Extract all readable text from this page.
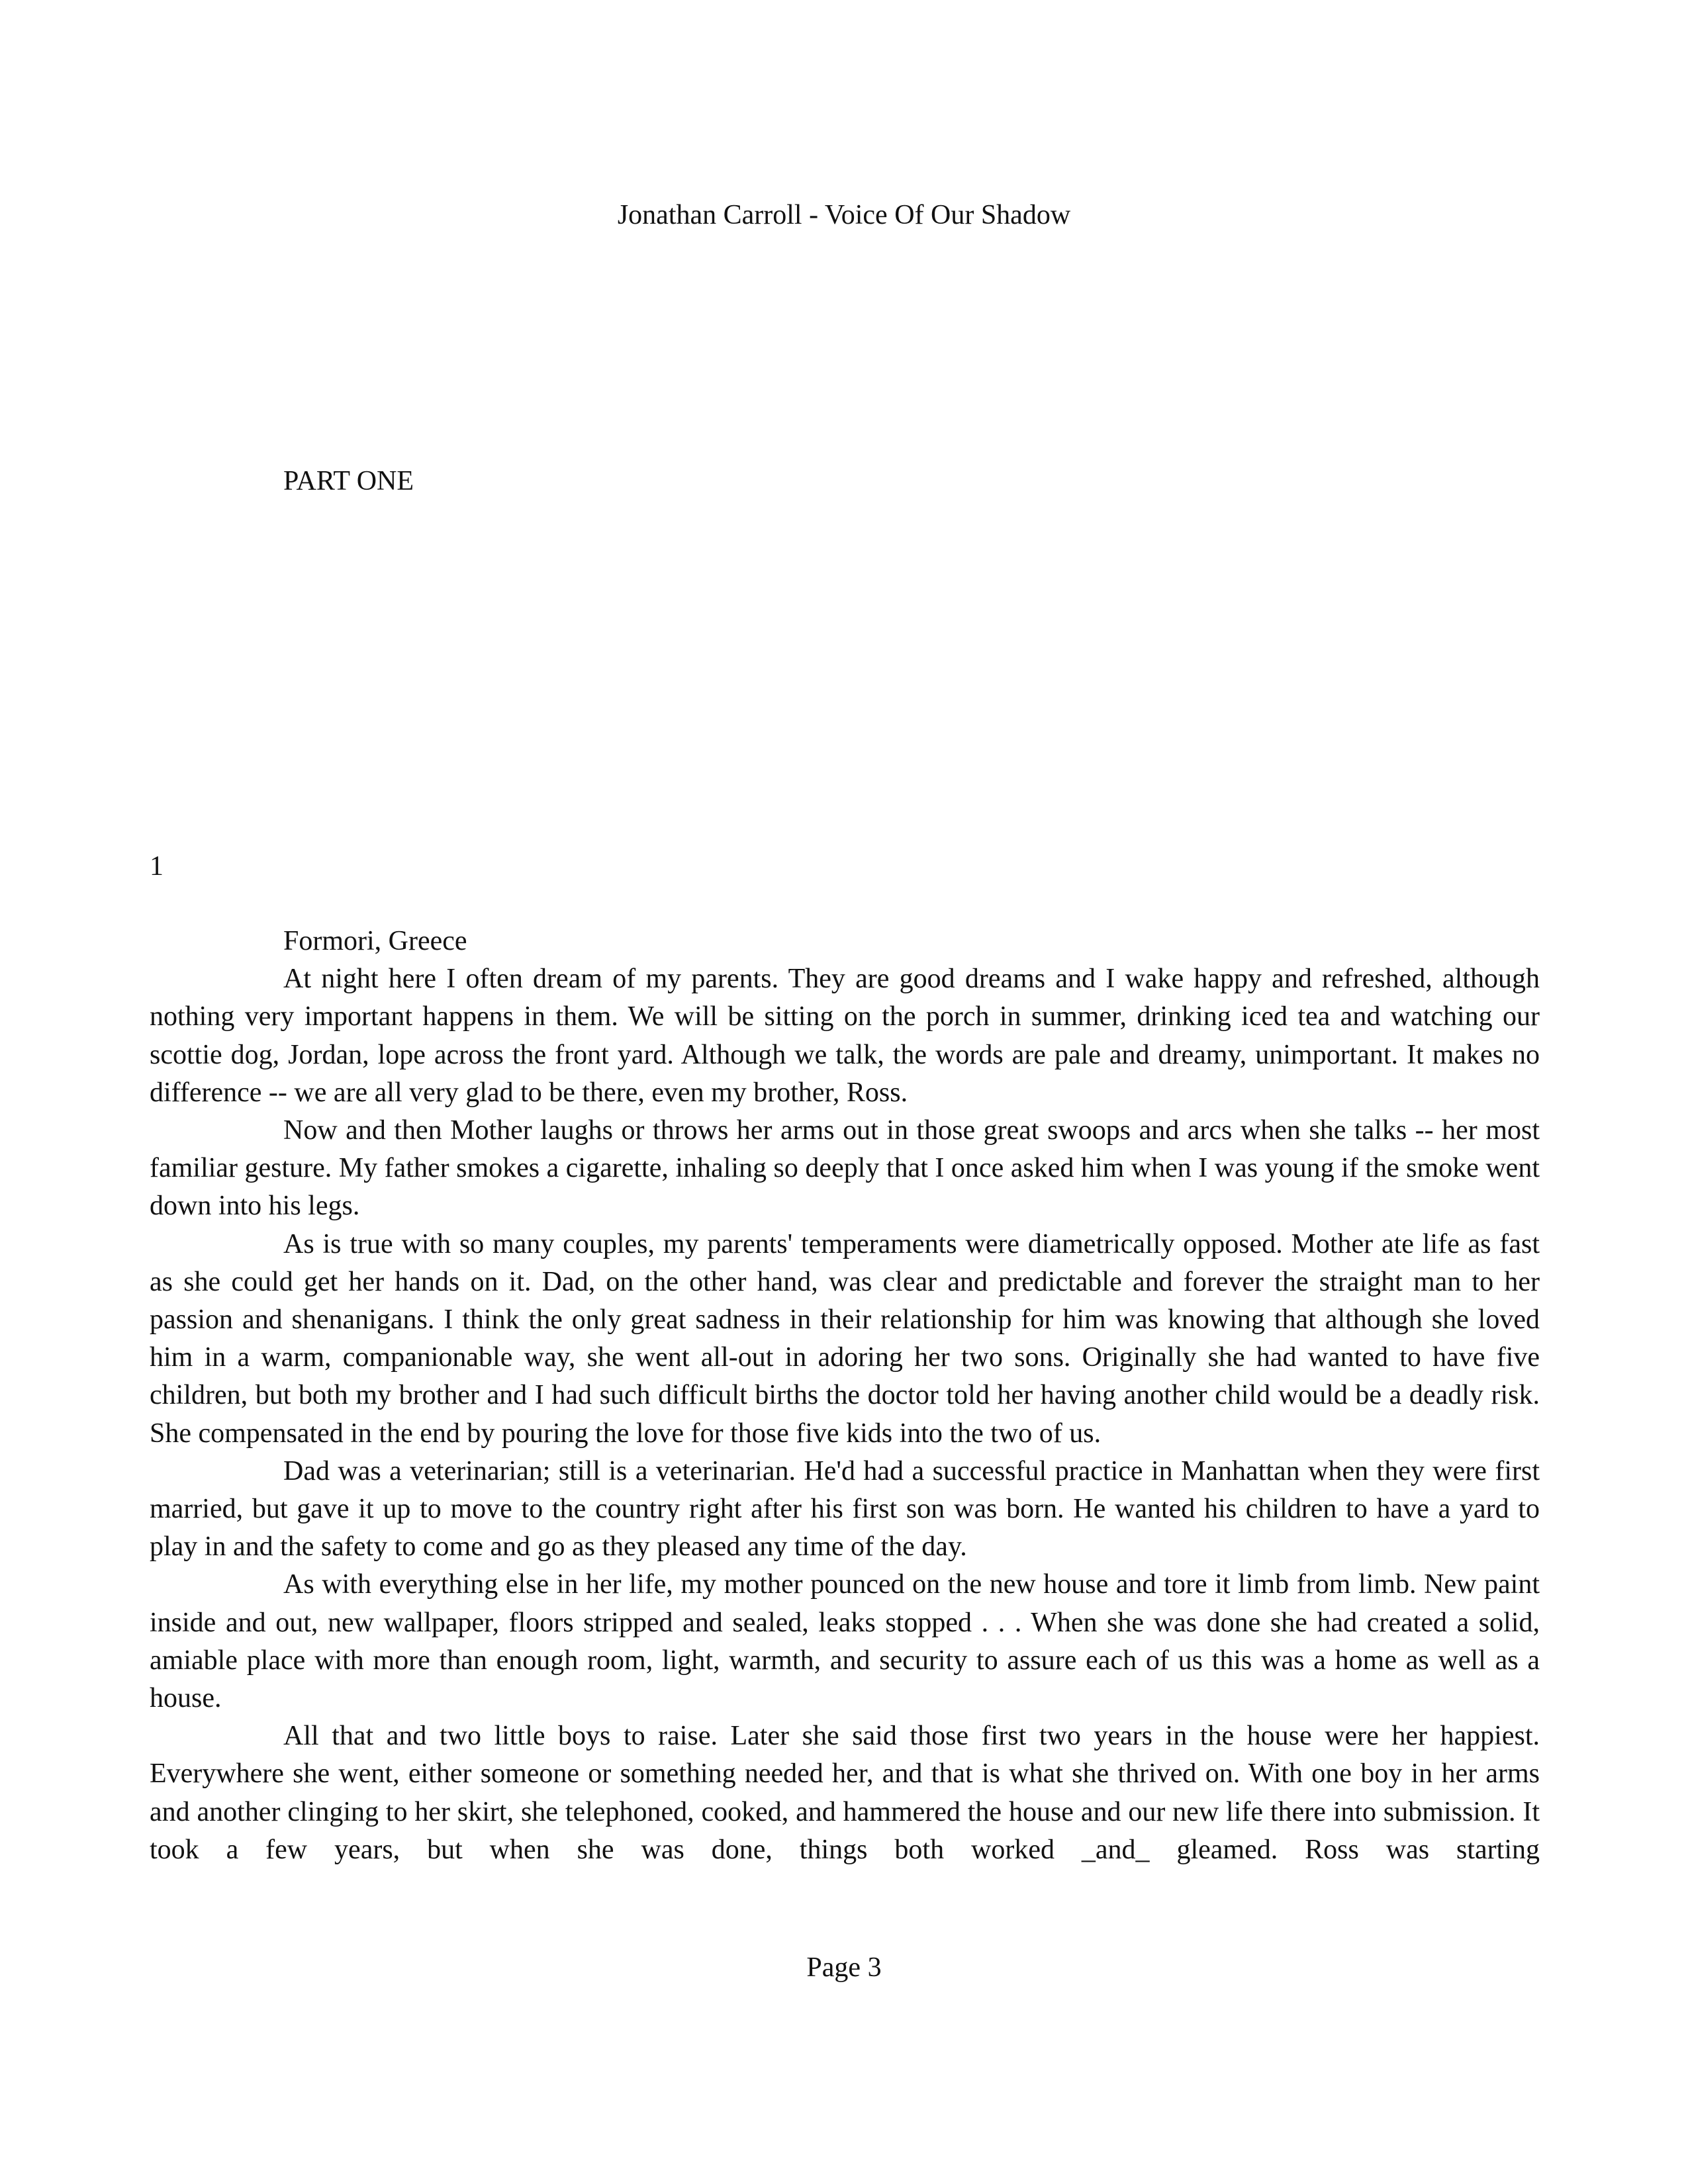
Jonathan Carroll - Voice Of Our Shadow
PART ONE
1

Formori, Greece

At night here I often dream of my parents. They are good dreams and I wake happy and refreshed, although nothing very important happens in them. We will be sitting on the porch in summer, drinking iced tea and watching our scottie dog, Jordan, lope across the front yard. Although we talk, the words are pale and dreamy, unimportant. It makes no difference -- we are all very glad to be there, even my brother, Ross.

Now and then Mother laughs or throws her arms out in those great swoops and arcs when she talks -- her most familiar gesture. My father smokes a cigarette, inhaling so deeply that I once asked him when I was young if the smoke went down into his legs.

As is true with so many couples, my parents' temperaments were diametrically opposed. Mother ate life as fast as she could get her hands on it. Dad, on the other hand, was clear and predictable and forever the straight man to her passion and shenanigans. I think the only great sadness in their relationship for him was knowing that although she loved him in a warm, companionable way, she went all-out in adoring her two sons. Originally she had wanted to have five children, but both my brother and I had such difficult births the doctor told her having another child would be a deadly risk. She compensated in the end by pouring the love for those five kids into the two of us.

Dad was a veterinarian; still is a veterinarian. He'd had a successful practice in Manhattan when they were first married, but gave it up to move to the country right after his first son was born. He wanted his children to have a yard to play in and the safety to come and go as they pleased any time of the day.

As with everything else in her life, my mother pounced on the new house and tore it limb from limb. New paint inside and out, new wallpaper, floors stripped and sealed, leaks stopped . . . When she was done she had created a solid, amiable place with more than enough room, light, warmth, and security to assure each of us this was a home as well as a house.

All that and two little boys to raise. Later she said those first two years in the house were her happiest. Everywhere she went, either someone or something needed her, and that is what she thrived on. With one boy in her arms and another clinging to her skirt, she telephoned, cooked, and hammered the house and our new life there into submission. It took a few years, but when she was done, things both worked _and_ gleamed. Ross was starting

Page 3
